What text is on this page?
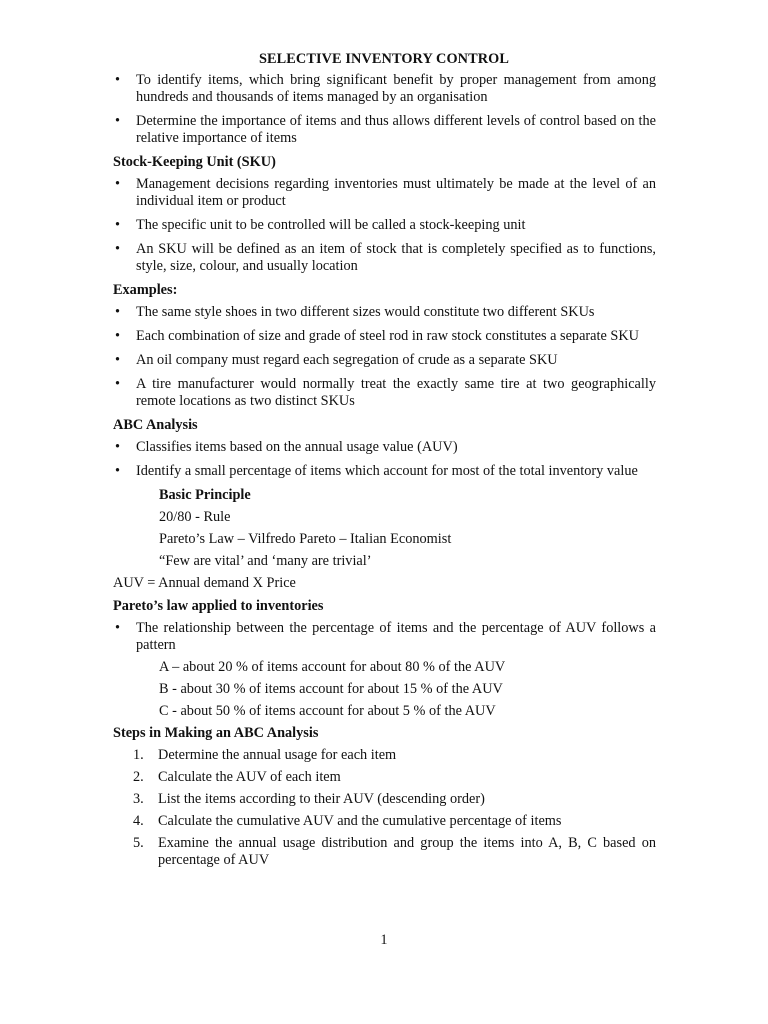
SELECTIVE INVENTORY CONTROL
• To identify items, which bring significant benefit by proper management from among hundreds and thousands of items managed by an organisation
• Determine the importance of items and thus allows different levels of control based on the relative importance of items
Stock-Keeping Unit (SKU)
• Management decisions regarding inventories must ultimately be made at the level of an individual item or product
• The specific unit to be controlled will be called a stock-keeping unit
• An SKU will be defined as an item of stock that is completely specified as to functions, style, size, colour, and usually location
Examples:
• The same style shoes in two different sizes would constitute two different SKUs
• Each combination of size and grade of steel rod in raw stock constitutes a separate SKU
• An oil company must regard each segregation of crude as a separate SKU
• A tire manufacturer would normally treat the exactly same tire at two geographically remote locations as two distinct SKUs
ABC Analysis
• Classifies items based on the annual usage value (AUV)
• Identify a small percentage of items which account for most of the total inventory value
Basic Principle
20/80 - Rule
Pareto’s Law – Vilfredo Pareto – Italian Economist
“Few are vital’ and ‘many are trivial’
AUV = Annual demand X Price
Pareto’s law applied to inventories
• The relationship between the percentage of items and the percentage of AUV follows a pattern
A – about 20 % of items account for about 80 % of the AUV
B - about 30 % of items account for about 15 % of the AUV
C - about 50 % of items account for about 5 % of the AUV
Steps in Making an ABC Analysis
1. Determine the annual usage for each item
2. Calculate the AUV of each item
3. List the items according to their AUV (descending order)
4. Calculate the cumulative AUV and the cumulative percentage of items
5. Examine the annual usage distribution and group the items into A, B, C based on percentage of AUV
1
